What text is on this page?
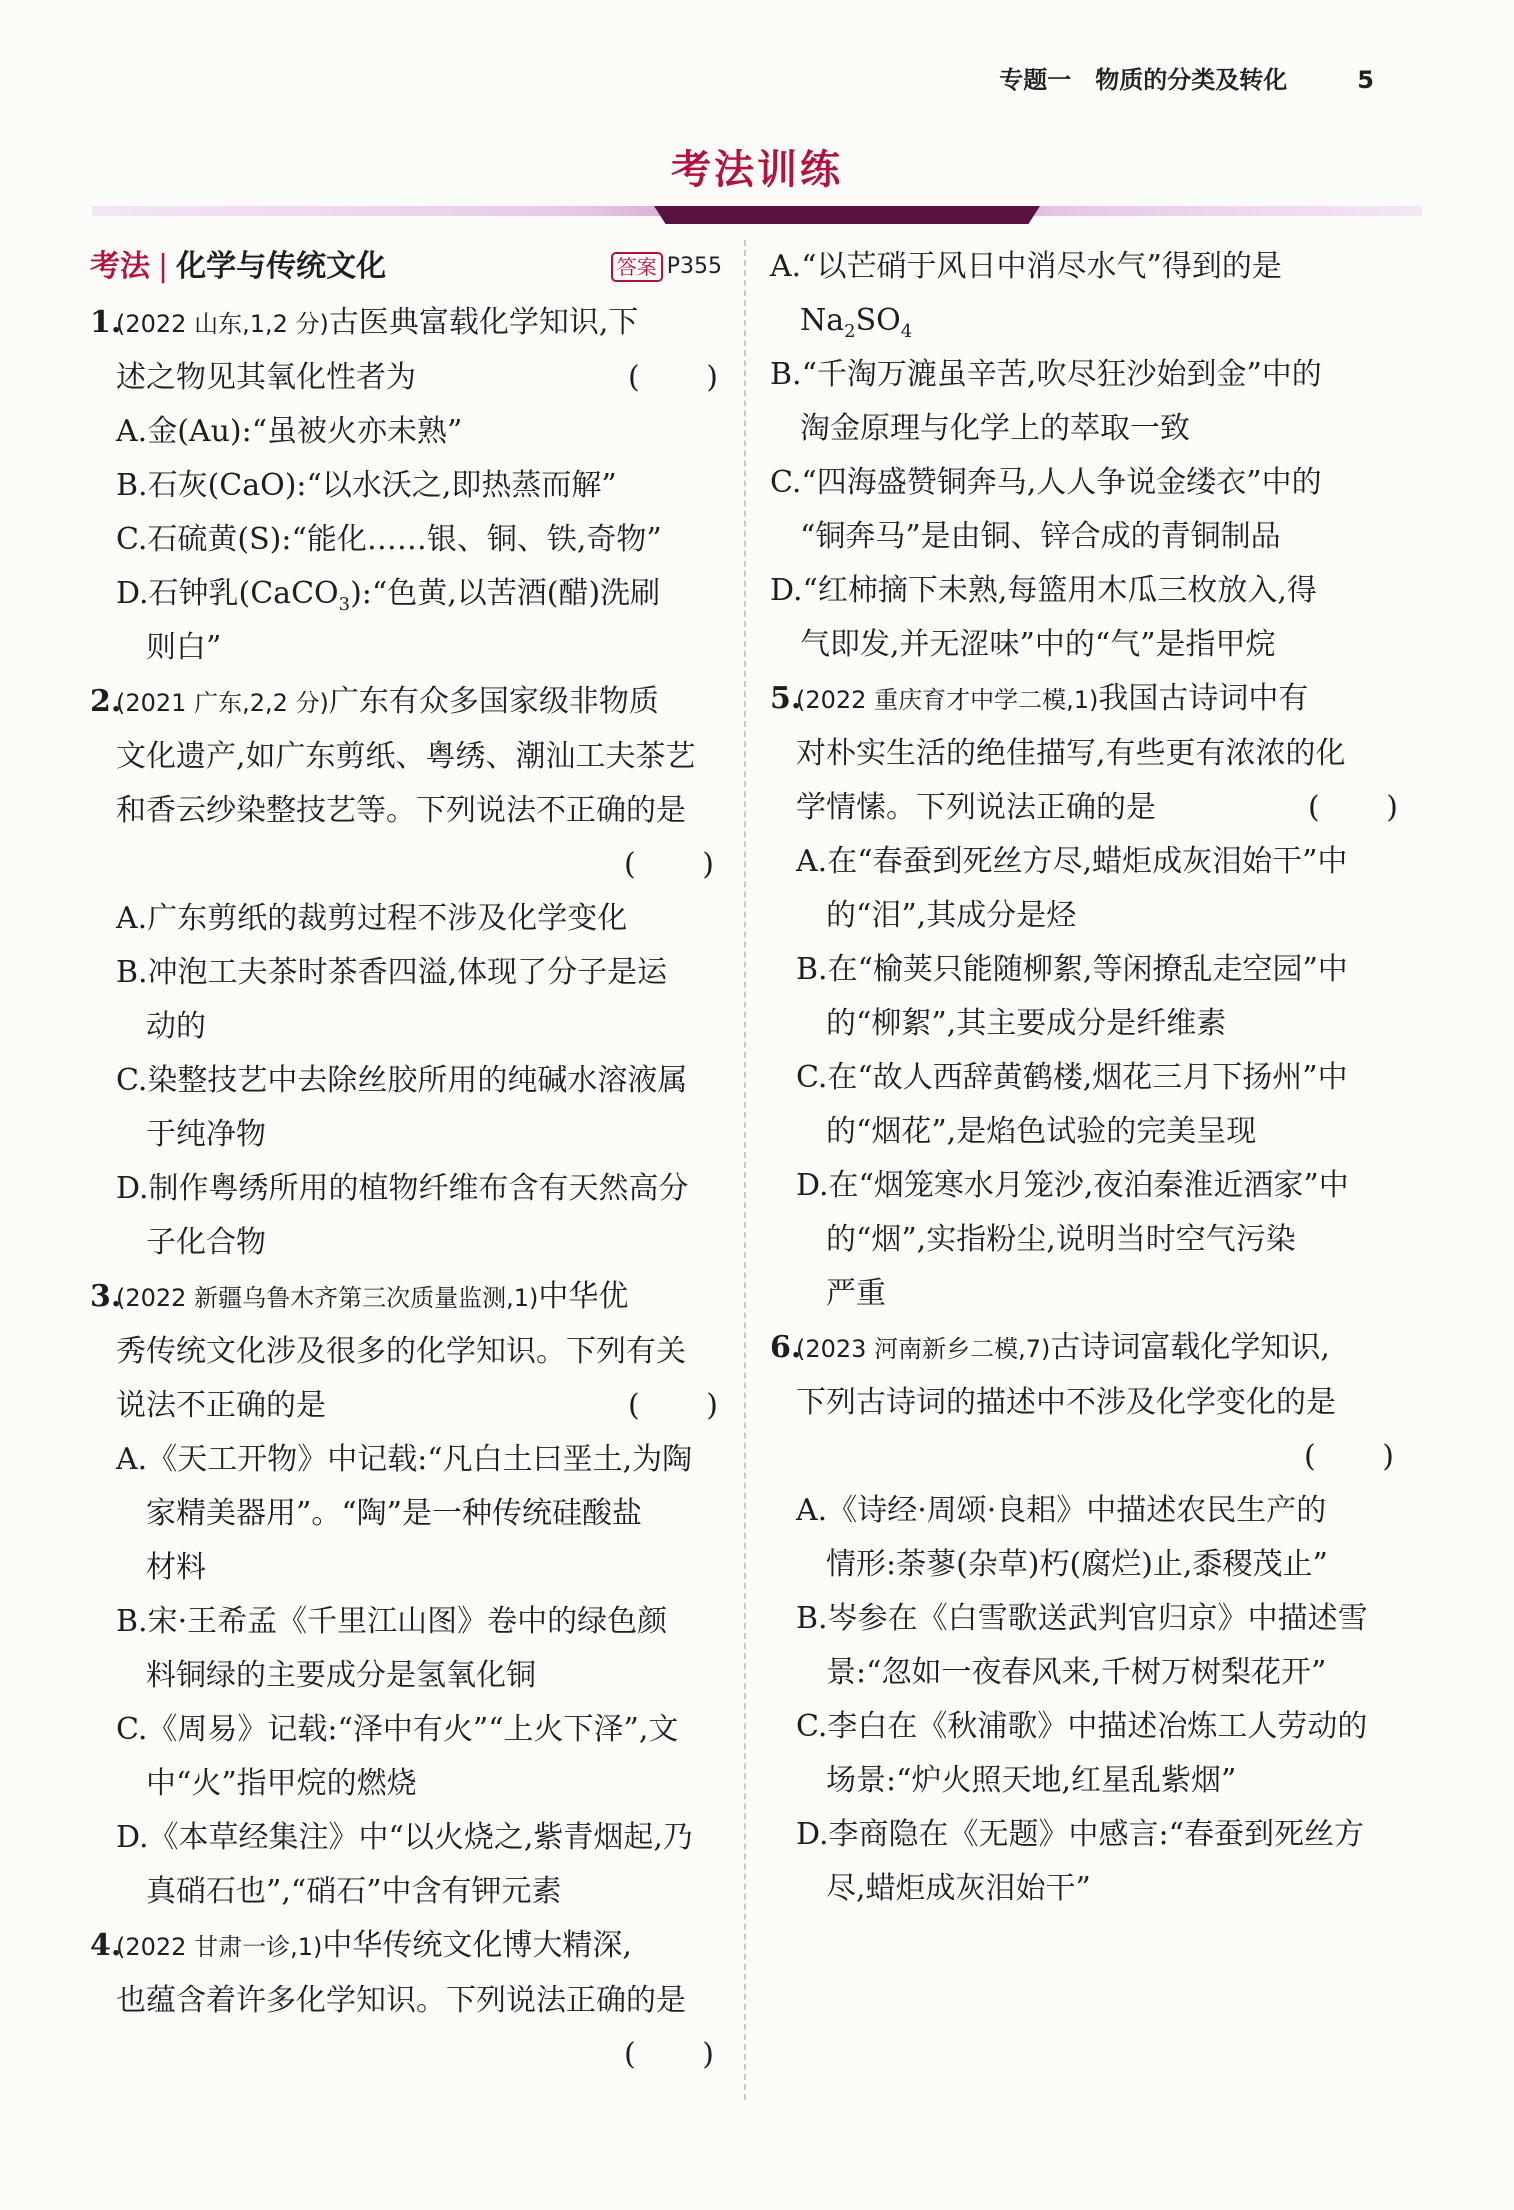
专题一　物质的分类及转化	5
考法训练
考法 | 化学与传统文化	答案 P355
1.
(2022 山东,1,2 分)古医典富载化学知识,下
述之物见其氧化性者为	( )
A.金(Au):“虽被火亦未熟”
B.石灰(CaO):“以水沃之,即热蒸而解”
C.石硫黄(S):“能化……银、铜、铁,奇物”
D.石钟乳(CaCO$_3$):“色黄,以苦酒(醋)洗刷
则白”
2.
(2021 广东,2,2 分)广东有众多国家级非物质
文化遗产,如广东剪纸、粤绣、潮汕工夫茶艺
和香云纱染整技艺等。下列说法不正确的是
( )
A.广东剪纸的裁剪过程不涉及化学变化
B.冲泡工夫茶时茶香四溢,体现了分子是运
动的
C.染整技艺中去除丝胶所用的纯碱水溶液属
于纯净物
D.制作粤绣所用的植物纤维布含有天然高分
子化合物
3.
(2022 新疆乌鲁木齐第三次质量监测,1)中华优
秀传统文化涉及很多的化学知识。下列有关
说法不正确的是	( )
A.《天工开物》中记载:“凡白土曰垩土,为陶
家精美器用”。“陶”是一种传统硅酸盐
材料
B.宋·王希孟《千里江山图》卷中的绿色颜
料铜绿的主要成分是氢氧化铜
C.《周易》记载:“泽中有火”“上火下泽”,文
中“火”指甲烷的燃烧
D.《本草经集注》中“以火烧之,紫青烟起,乃
真硝石也”,“硝石”中含有钾元素
4.
(2022 甘肃一诊,1)中华传统文化博大精深,
也蕴含着许多化学知识。下列说法正确的是
( )
A.“以芒硝于风日中消尽水气”得到的是
$Na_2SO_4$
B.“千淘万漉虽辛苦,吹尽狂沙始到金”中的
淘金原理与化学上的萃取一致
C.“四海盛赞铜奔马,人人争说金缕衣”中的
“铜奔马”是由铜、锌合成的青铜制品
D.“红柿摘下未熟,每篮用木瓜三枚放入,得
气即发,并无涩味”中的“气”是指甲烷
5.
(2022 重庆育才中学二模,1)我国古诗词中有
对朴实生活的绝佳描写,有些更有浓浓的化
学情愫。下列说法正确的是	( )
A.在“春蚕到死丝方尽,蜡炬成灰泪始干”中
的“泪”,其成分是烃
B.在“榆荚只能随柳絮,等闲撩乱走空园”中
的“柳絮”,其主要成分是纤维素
C.在“故人西辞黄鹤楼,烟花三月下扬州”中
的“烟花”,是焰色试验的完美呈现
D.在“烟笼寒水月笼沙,夜泊秦淮近酒家”中
的“烟”,实指粉尘,说明当时空气污染
严重
6.
(2023 河南新乡二模,7)古诗词富载化学知识,
下列古诗词的描述中不涉及化学变化的是
( )
A.《诗经·周颂·良耜》中描述农民生产的
情形:荼蓼(杂草)朽(腐烂)止,黍稷茂止”
B.岑参在《白雪歌送武判官归京》中描述雪
景:“忽如一夜春风来,千树万树梨花开”
C.李白在《秋浦歌》中描述冶炼工人劳动的
场景:“炉火照天地,红星乱紫烟”
D.李商隐在《无题》中感言:“春蚕到死丝方
尽,蜡炬成灰泪始干”
